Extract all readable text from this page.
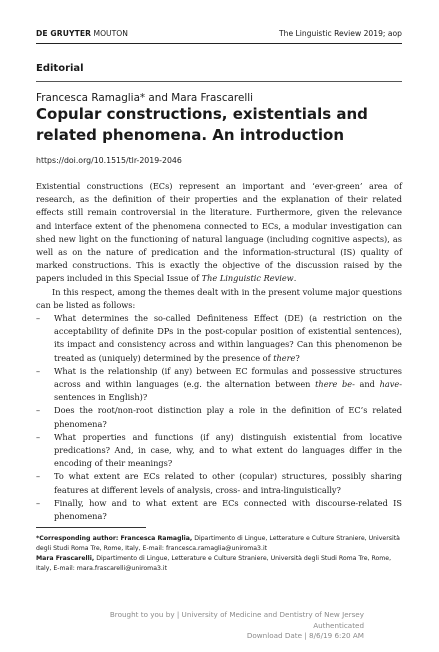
DE GRUYTER MOUTON	The Linguistic Review 2019; aop
Editorial
Francesca Ramaglia* and Mara Frascarelli
Copular constructions, existentials and related phenomena. An introduction
https://doi.org/10.1515/tlr-2019-2046

Existential constructions (ECs) represent an important and ‘ever-green’ area of research, as the definition of their properties and the explanation of their related effects still remain controversial in the literature. Furthermore, given the relevance and interface extent of the phenomena connected to ECs, a modular investigation can shed new light on the functioning of natural language (including cognitive aspects), as well as on the nature of predication and the information-structural (IS) quality of marked constructions. This is exactly the objective of the discussion raised by the papers included in this Special Issue of The Linguistic Review.

In this respect, among the themes dealt with in the present volume major questions can be listed as follows:

– What determines the so-called Definiteness Effect (DE) (a restriction on the acceptability of definite DPs in the post-copular position of existential sentences), its impact and consistency across and within languages? Can this phenomenon be treated as (uniquely) determined by the presence of there?
– What is the relationship (if any) between EC formulas and possessive structures across and within languages (e.g. the alternation between there be- and have-sentences in English)?
– Does the root/non-root distinction play a role in the definition of EC’s related phenomena?
– What properties and functions (if any) distinguish existential from locative predications? And, in case, why, and to what extent do languages differ in the encoding of their meanings?
– To what extent are ECs related to other (copular) structures, possibly sharing features at different levels of analysis, cross- and intra-linguistically?
– Finally, how and to what extent are ECs connected with discourse-related IS phenomena?

*Corresponding author: Francesca Ramaglia, Dipartimento di Lingue, Letterature e Culture Straniere, Università degli Studi Roma Tre, Rome, Italy, E-mail: francesca.ramaglia@uniroma3.it
Mara Frascarelli, Dipartimento di Lingue, Letterature e Culture Straniere, Università degli Studi Roma Tre, Rome, Italy, E-mail: mara.frascarelli@uniroma3.it

Brought to you by | University of Medicine and Dentistry of New Jersey
Authenticated
Download Date | 8/6/19 6:20 AM
